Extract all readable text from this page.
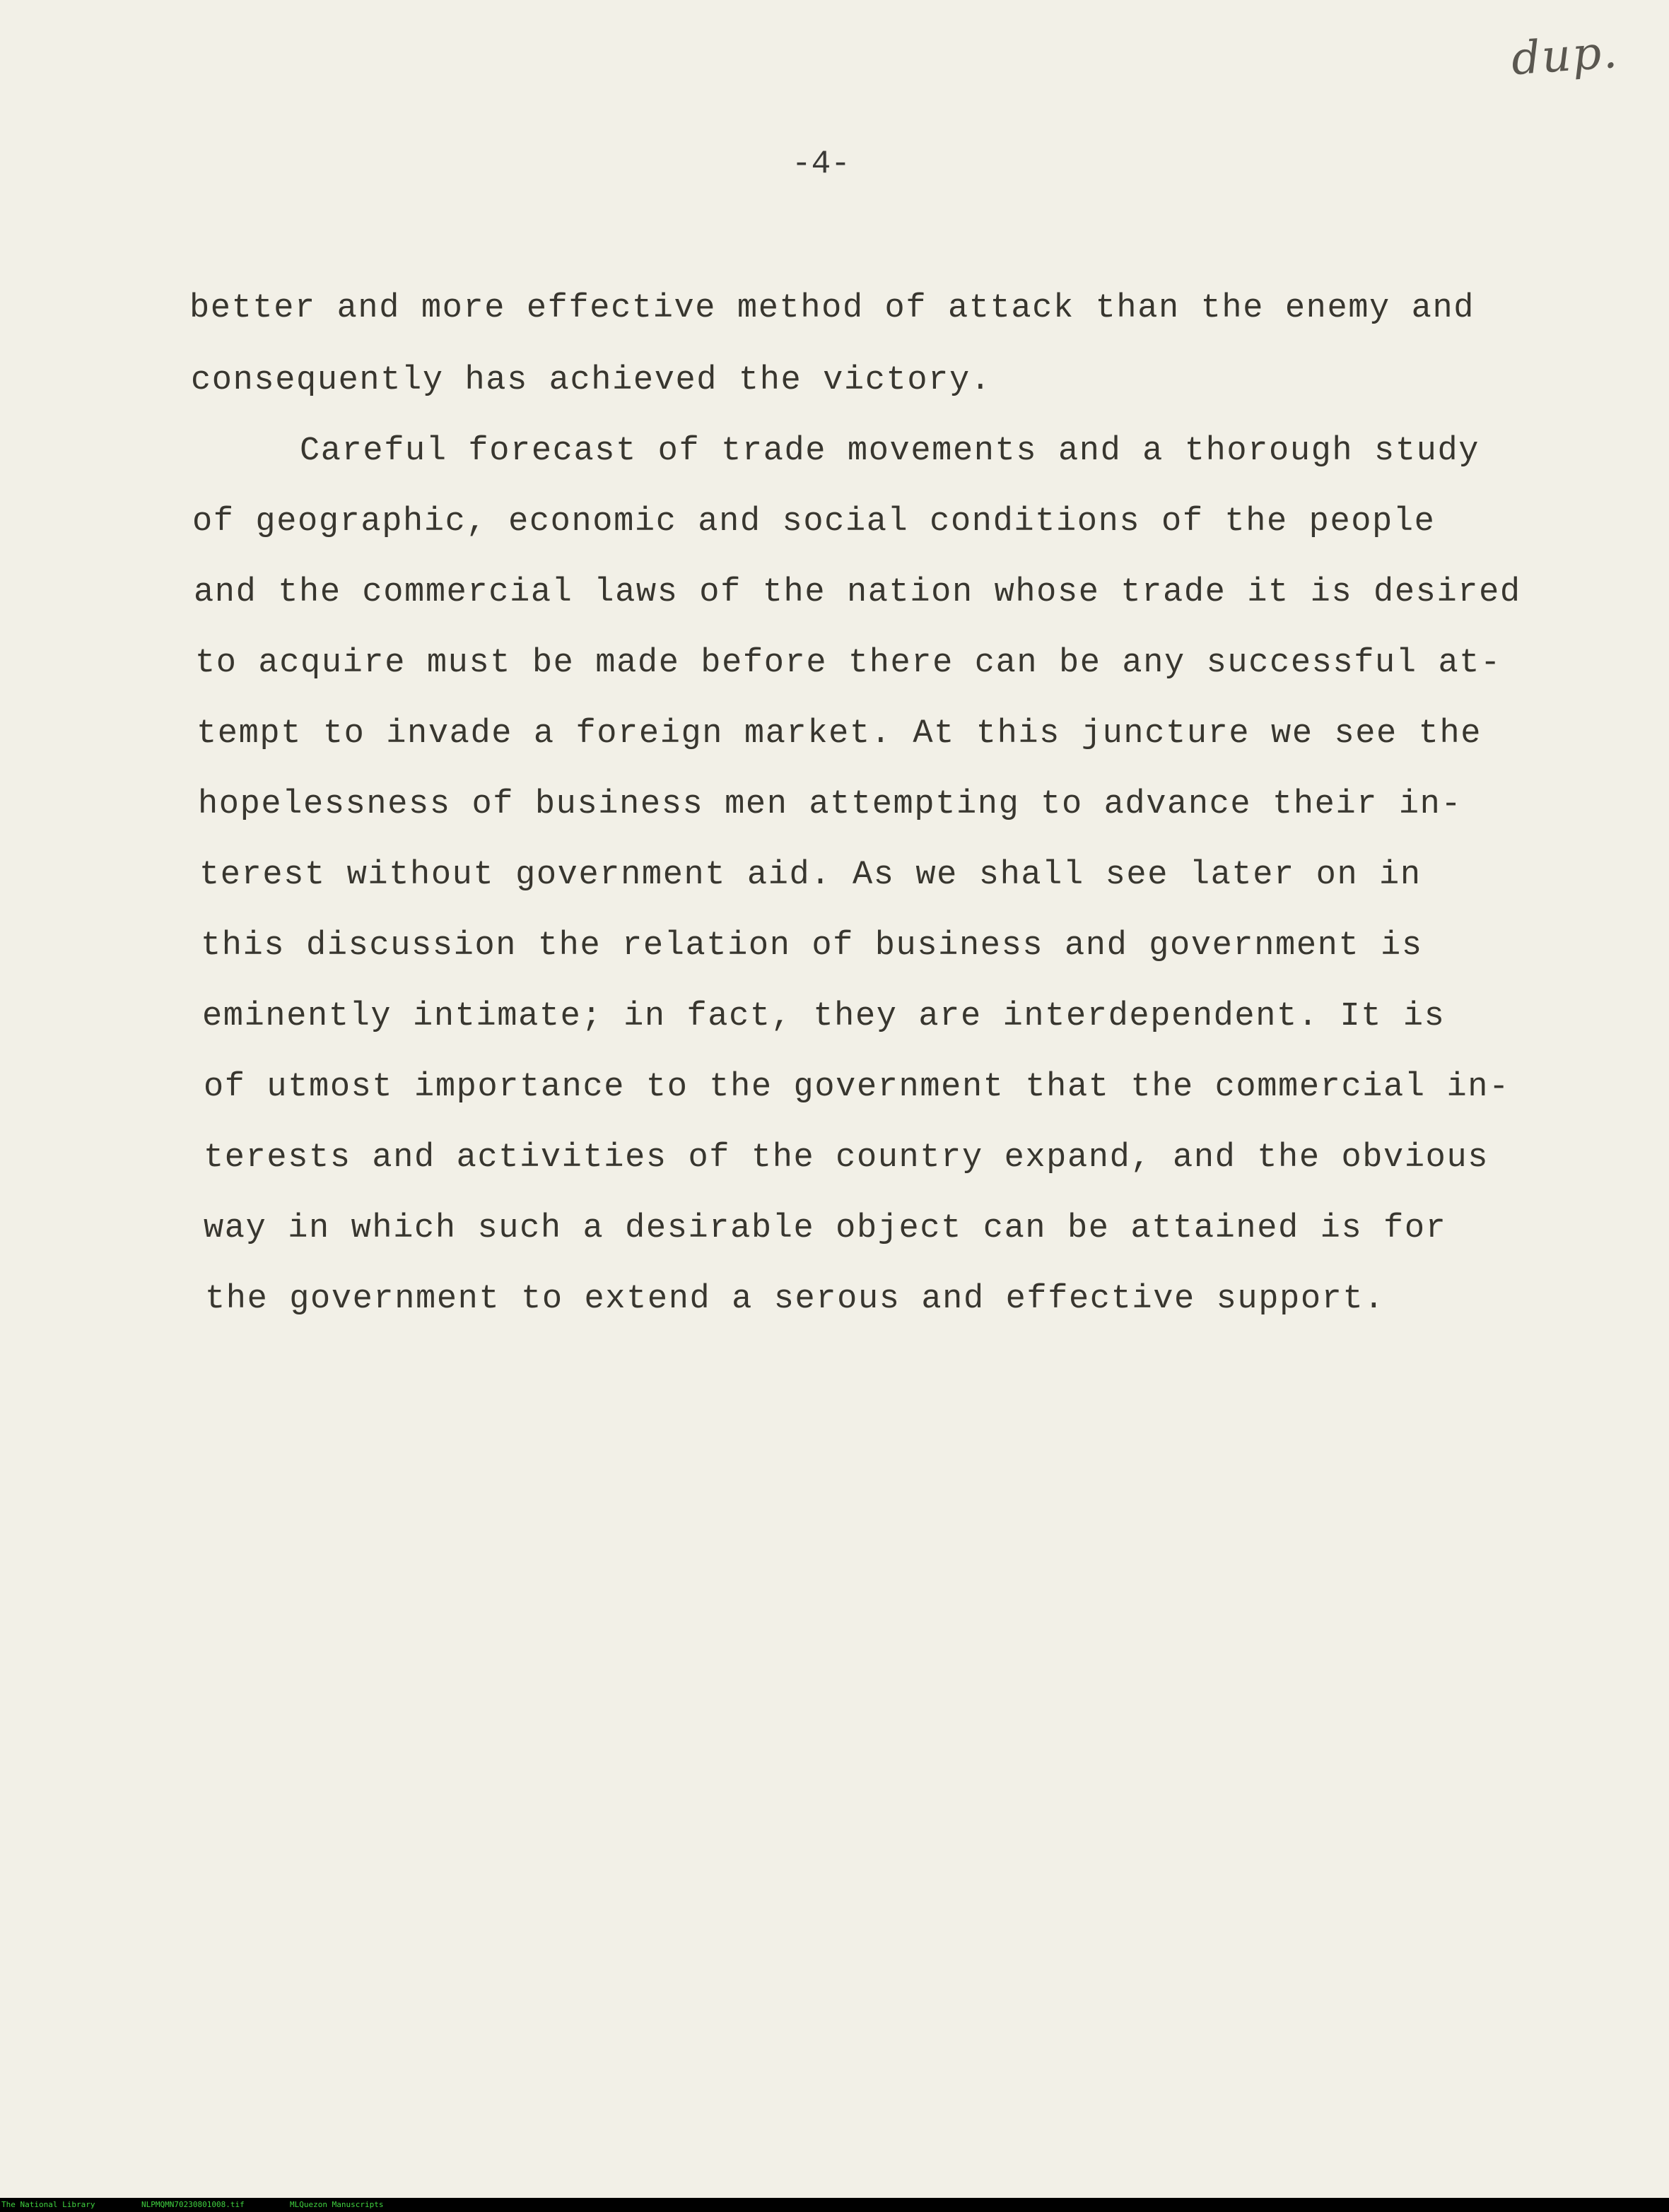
dup.
-4-
better and more effective method of attack than the enemy and
consequently has achieved the victory.
Careful forecast of trade movements and a thorough study
of geographic, economic and social conditions of the people
and the commercial laws of the nation whose trade it is desired
to acquire must be made before there can be any successful at-
tempt to invade a foreign market. At this juncture we see the
hopelessness of business men attempting to advance their in-
terest without government aid. As we shall see later on in
this discussion the relation of business and government is
eminently intimate; in fact, they are interdependent. It is
of utmost importance to the government that the commercial in-
terests and activities of the country expand, and the obvious
way in which such a desirable object can be attained is for
the government to extend a serous and effective support.
The National Library	NLPMQMN70230801008.tif	MLQuezon Manuscripts
